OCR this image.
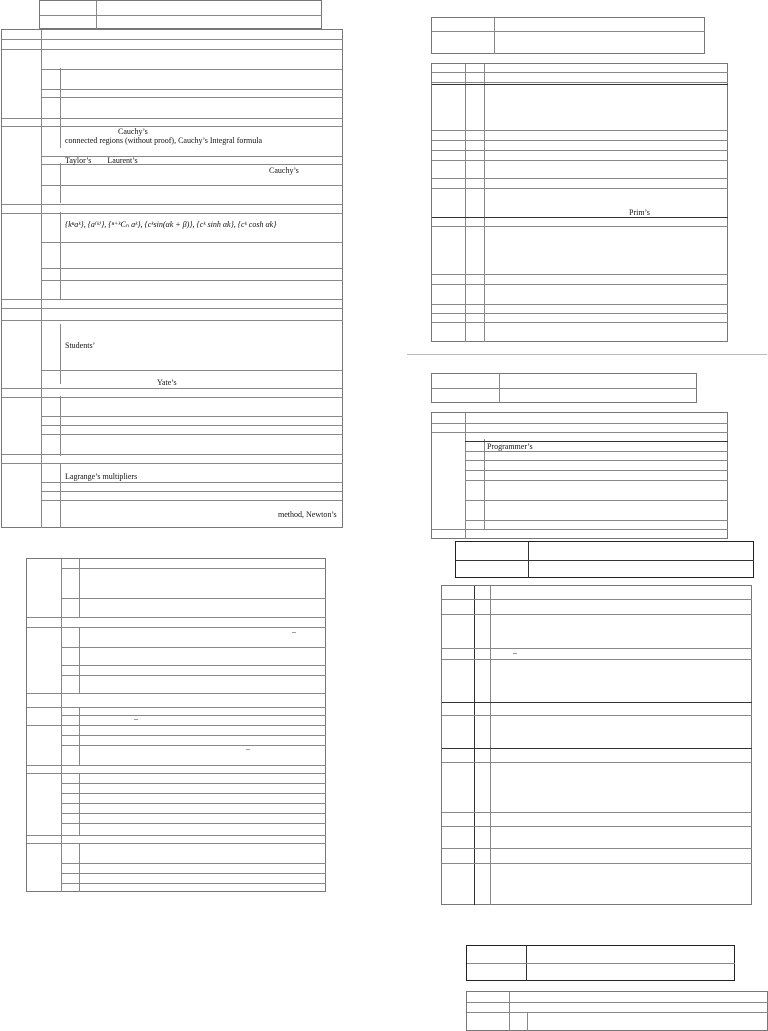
Cauchy’s
connected regions (without proof), Cauchy’s Integral formula
Taylor’s        Laurent’s
Cauchy’s
{kⁿaᵏ}, {a⁽ᵏ⁾}, {ⁿ⁺ᵏCₙ aᵏ}, {cᵏsin(αk + β)}, {cᵏ sinh αk}, {cᵏ cosh αk}
Students’
Yate’s
Lagrange’s multipliers
method, Newton’s
–
–
–
Prim’s
Programmer’s
–
